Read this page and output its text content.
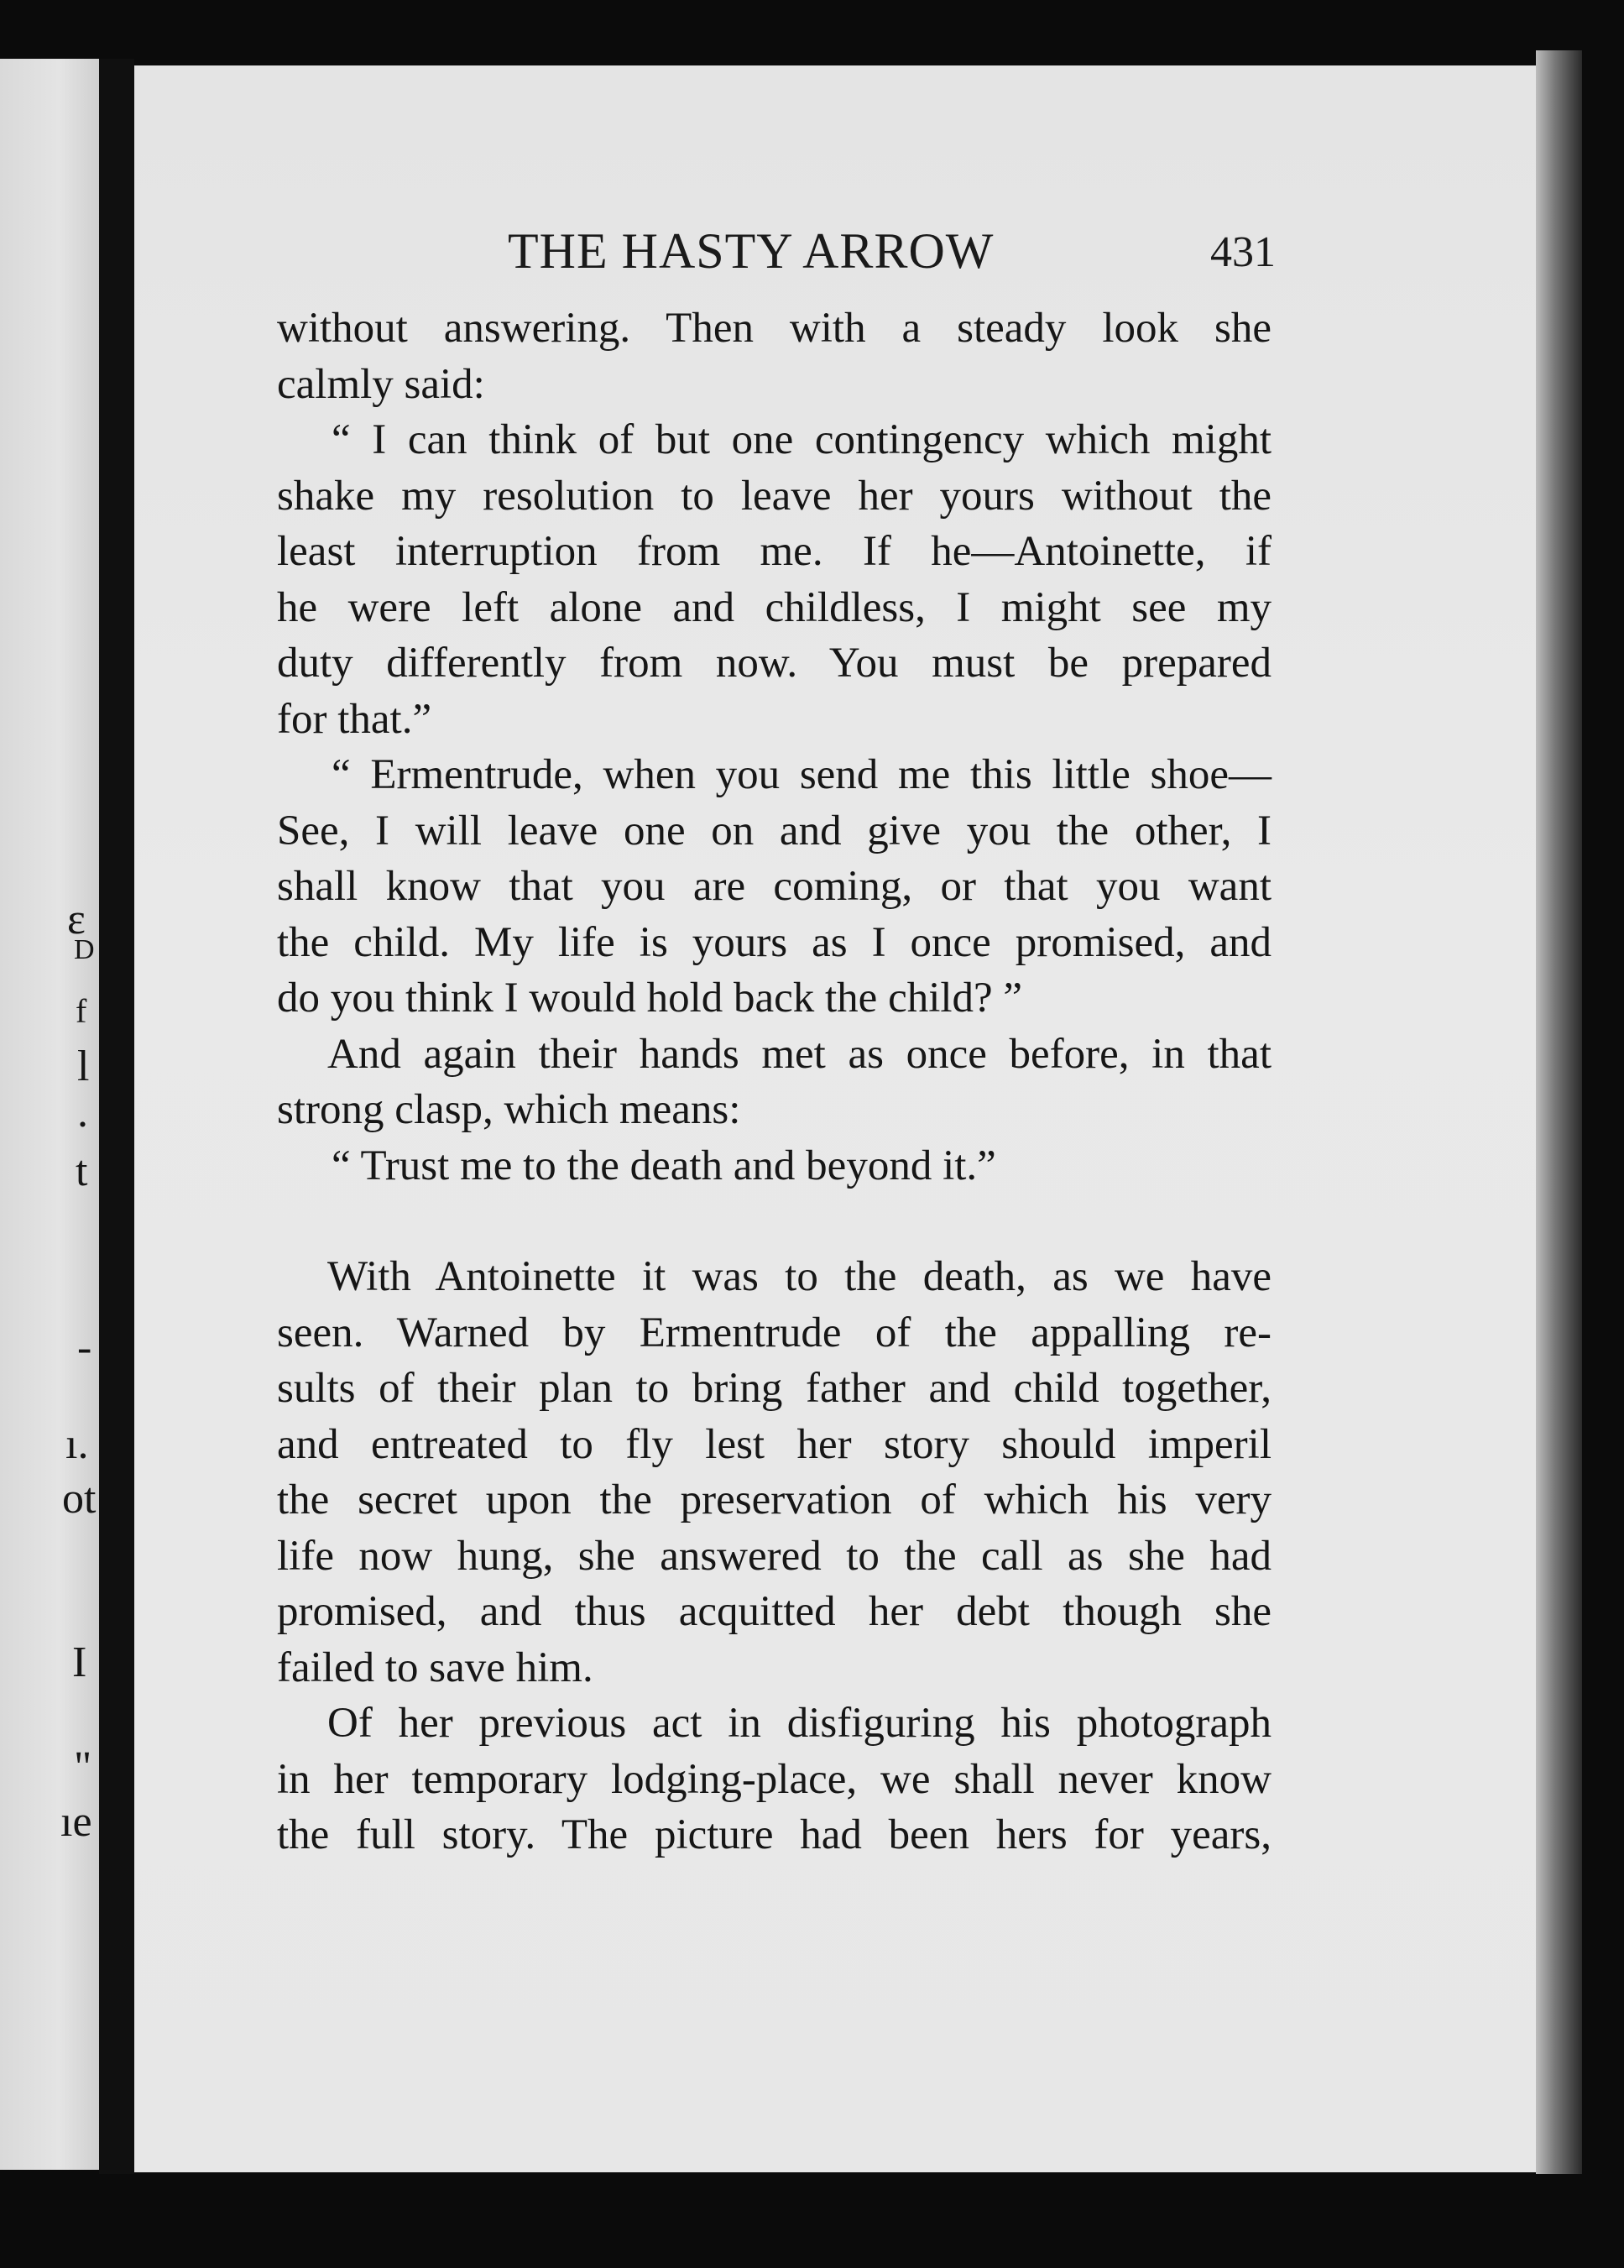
ε
D
f
l
.
t
-
ı.
ot
I
"
ıe
THE HASTY ARROW	431
without answering. Then with a steady look she
calmly said:
“ I can think of but one contingency which might
shake my resolution to leave her yours without the
least interruption from me. If he—Antoinette, if
he were left alone and childless, I might see my
duty differently from now. You must be prepared
for that.”
“ Ermentrude, when you send me this little shoe—
See, I will leave one on and give you the other, I
shall know that you are coming, or that you want
the child. My life is yours as I once promised, and
do you think I would hold back the child? ”
And again their hands met as once before, in that
strong clasp, which means:
“ Trust me to the death and beyond it.”
With Antoinette it was to the death, as we have
seen. Warned by Ermentrude of the appalling re-
sults of their plan to bring father and child together,
and entreated to fly lest her story should imperil
the secret upon the preservation of which his very
life now hung, she answered to the call as she had
promised, and thus acquitted her debt though she
failed to save him.
Of her previous act in disfiguring his photograph
in her temporary lodging-place, we shall never know
the full story. The picture had been hers for years,
